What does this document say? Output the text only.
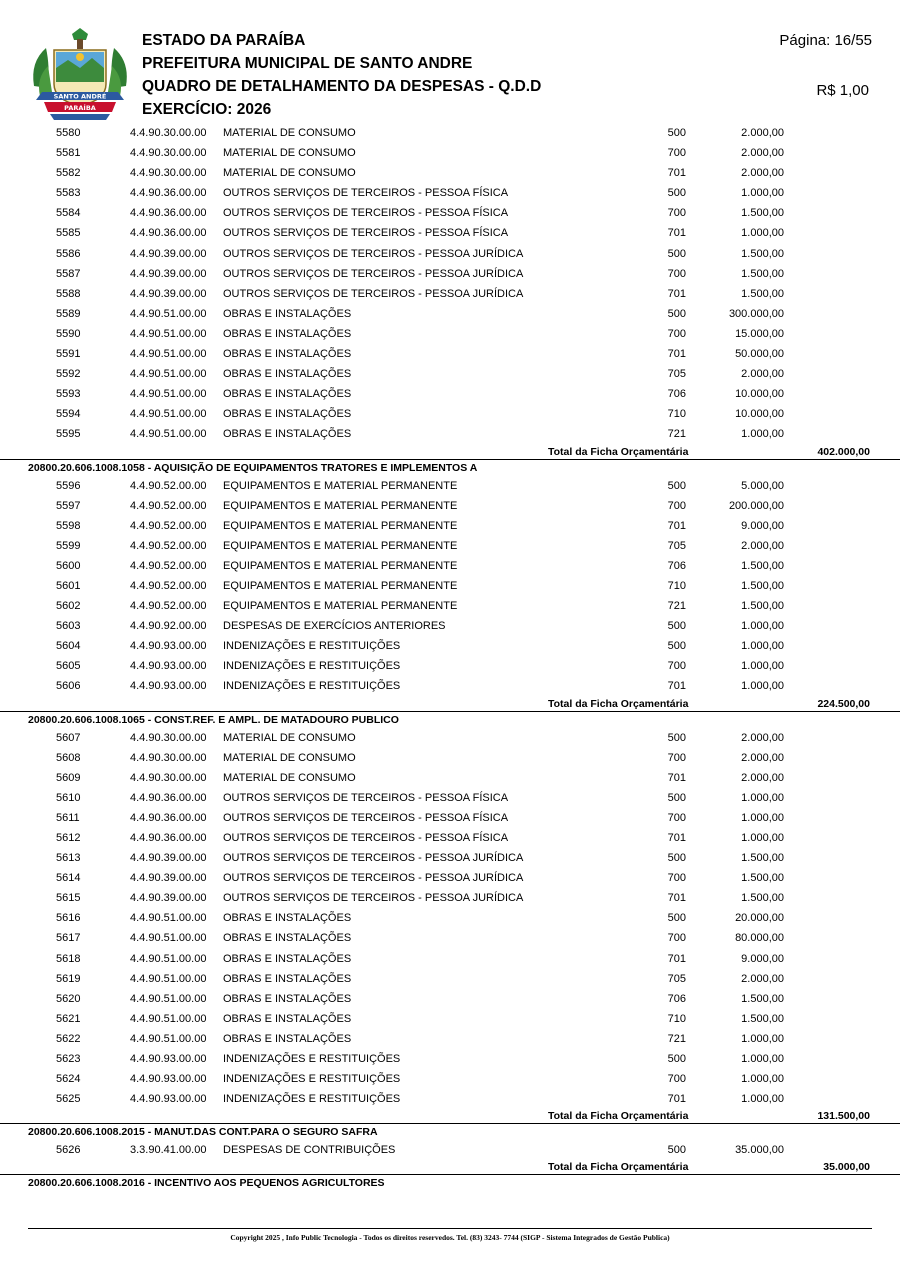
SANTO ANDRÉ
PARAÍBA
ESTADO DA PARAÍBA
PREFEITURA MUNICIPAL DE SANTO ANDRE
QUADRO DE DETALHAMENTO DA DESPESAS - Q.D.D
EXERCÍCIO: 2026
Página: 16/55
R$ 1,00
5580	4.4.90.30.00.00 MATERIAL DE CONSUMO	500	2.000,00
5581	4.4.90.30.00.00 MATERIAL DE CONSUMO	700	2.000,00
5582	4.4.90.30.00.00 MATERIAL DE CONSUMO	701	2.000,00
5583	4.4.90.36.00.00 OUTROS SERVIÇOS DE TERCEIROS - PESSOA FÍSICA	500	1.000,00
5584	4.4.90.36.00.00 OUTROS SERVIÇOS DE TERCEIROS - PESSOA FÍSICA	700	1.500,00
5585	4.4.90.36.00.00 OUTROS SERVIÇOS DE TERCEIROS - PESSOA FÍSICA	701	1.000,00
5586	4.4.90.39.00.00 OUTROS SERVIÇOS DE TERCEIROS - PESSOA JURÍDICA	500	1.500,00
5587	4.4.90.39.00.00 OUTROS SERVIÇOS DE TERCEIROS - PESSOA JURÍDICA	700	1.500,00
5588	4.4.90.39.00.00 OUTROS SERVIÇOS DE TERCEIROS - PESSOA JURÍDICA	701	1.500,00
5589	4.4.90.51.00.00 OBRAS E INSTALAÇÕES	500	300.000,00
5590	4.4.90.51.00.00 OBRAS E INSTALAÇÕES	700	15.000,00
5591	4.4.90.51.00.00 OBRAS E INSTALAÇÕES	701	50.000,00
5592	4.4.90.51.00.00 OBRAS E INSTALAÇÕES	705	2.000,00
5593	4.4.90.51.00.00 OBRAS E INSTALAÇÕES	706	10.000,00
5594	4.4.90.51.00.00 OBRAS E INSTALAÇÕES	710	10.000,00
5595	4.4.90.51.00.00 OBRAS E INSTALAÇÕES	721	1.000,00
Total da Ficha Orçamentária	402.000,00
20800.20.606.1008.1058 - AQUISIÇÃO DE EQUIPAMENTOS TRATORES E IMPLEMENTOS A
5596	4.4.90.52.00.00 EQUIPAMENTOS E MATERIAL PERMANENTE	500	5.000,00
5597	4.4.90.52.00.00 EQUIPAMENTOS E MATERIAL PERMANENTE	700	200.000,00
5598	4.4.90.52.00.00 EQUIPAMENTOS E MATERIAL PERMANENTE	701	9.000,00
5599	4.4.90.52.00.00 EQUIPAMENTOS E MATERIAL PERMANENTE	705	2.000,00
5600	4.4.90.52.00.00 EQUIPAMENTOS E MATERIAL PERMANENTE	706	1.500,00
5601	4.4.90.52.00.00 EQUIPAMENTOS E MATERIAL PERMANENTE	710	1.500,00
5602	4.4.90.52.00.00 EQUIPAMENTOS E MATERIAL PERMANENTE	721	1.500,00
5603	4.4.90.92.00.00 DESPESAS DE EXERCÍCIOS ANTERIORES	500	1.000,00
5604	4.4.90.93.00.00 INDENIZAÇÕES E RESTITUIÇÕES	500	1.000,00
5605	4.4.90.93.00.00 INDENIZAÇÕES E RESTITUIÇÕES	700	1.000,00
5606	4.4.90.93.00.00 INDENIZAÇÕES E RESTITUIÇÕES	701	1.000,00
Total da Ficha Orçamentária	224.500,00
20800.20.606.1008.1065 - CONST.REF. E AMPL. DE MATADOURO PUBLICO
5607	4.4.90.30.00.00 MATERIAL DE CONSUMO	500	2.000,00
5608	4.4.90.30.00.00 MATERIAL DE CONSUMO	700	2.000,00
5609	4.4.90.30.00.00 MATERIAL DE CONSUMO	701	2.000,00
5610	4.4.90.36.00.00 OUTROS SERVIÇOS DE TERCEIROS - PESSOA FÍSICA	500	1.000,00
5611	4.4.90.36.00.00 OUTROS SERVIÇOS DE TERCEIROS - PESSOA FÍSICA	700	1.000,00
5612	4.4.90.36.00.00 OUTROS SERVIÇOS DE TERCEIROS - PESSOA FÍSICA	701	1.000,00
5613	4.4.90.39.00.00 OUTROS SERVIÇOS DE TERCEIROS - PESSOA JURÍDICA	500	1.500,00
5614	4.4.90.39.00.00 OUTROS SERVIÇOS DE TERCEIROS - PESSOA JURÍDICA	700	1.500,00
5615	4.4.90.39.00.00 OUTROS SERVIÇOS DE TERCEIROS - PESSOA JURÍDICA	701	1.500,00
5616	4.4.90.51.00.00 OBRAS E INSTALAÇÕES	500	20.000,00
5617	4.4.90.51.00.00 OBRAS E INSTALAÇÕES	700	80.000,00
5618	4.4.90.51.00.00 OBRAS E INSTALAÇÕES	701	9.000,00
5619	4.4.90.51.00.00 OBRAS E INSTALAÇÕES	705	2.000,00
5620	4.4.90.51.00.00 OBRAS E INSTALAÇÕES	706	1.500,00
5621	4.4.90.51.00.00 OBRAS E INSTALAÇÕES	710	1.500,00
5622	4.4.90.51.00.00 OBRAS E INSTALAÇÕES	721	1.000,00
5623	4.4.90.93.00.00 INDENIZAÇÕES E RESTITUIÇÕES	500	1.000,00
5624	4.4.90.93.00.00 INDENIZAÇÕES E RESTITUIÇÕES	700	1.000,00
5625	4.4.90.93.00.00 INDENIZAÇÕES E RESTITUIÇÕES	701	1.000,00
Total da Ficha Orçamentária	131.500,00
20800.20.606.1008.2015 - MANUT.DAS CONT.PARA O SEGURO SAFRA
5626	3.3.90.41.00.00 DESPESAS DE CONTRIBUIÇÕES	500	35.000,00
Total da Ficha Orçamentária	35.000,00
20800.20.606.1008.2016 - INCENTIVO AOS PEQUENOS AGRICULTORES
Copyright 2025 , Info Public Tecnologia - Todos os direitos reservedos. Tel. (83) 3243- 7744 (SIGP - Sistema Integrados de Gestão Publica)
